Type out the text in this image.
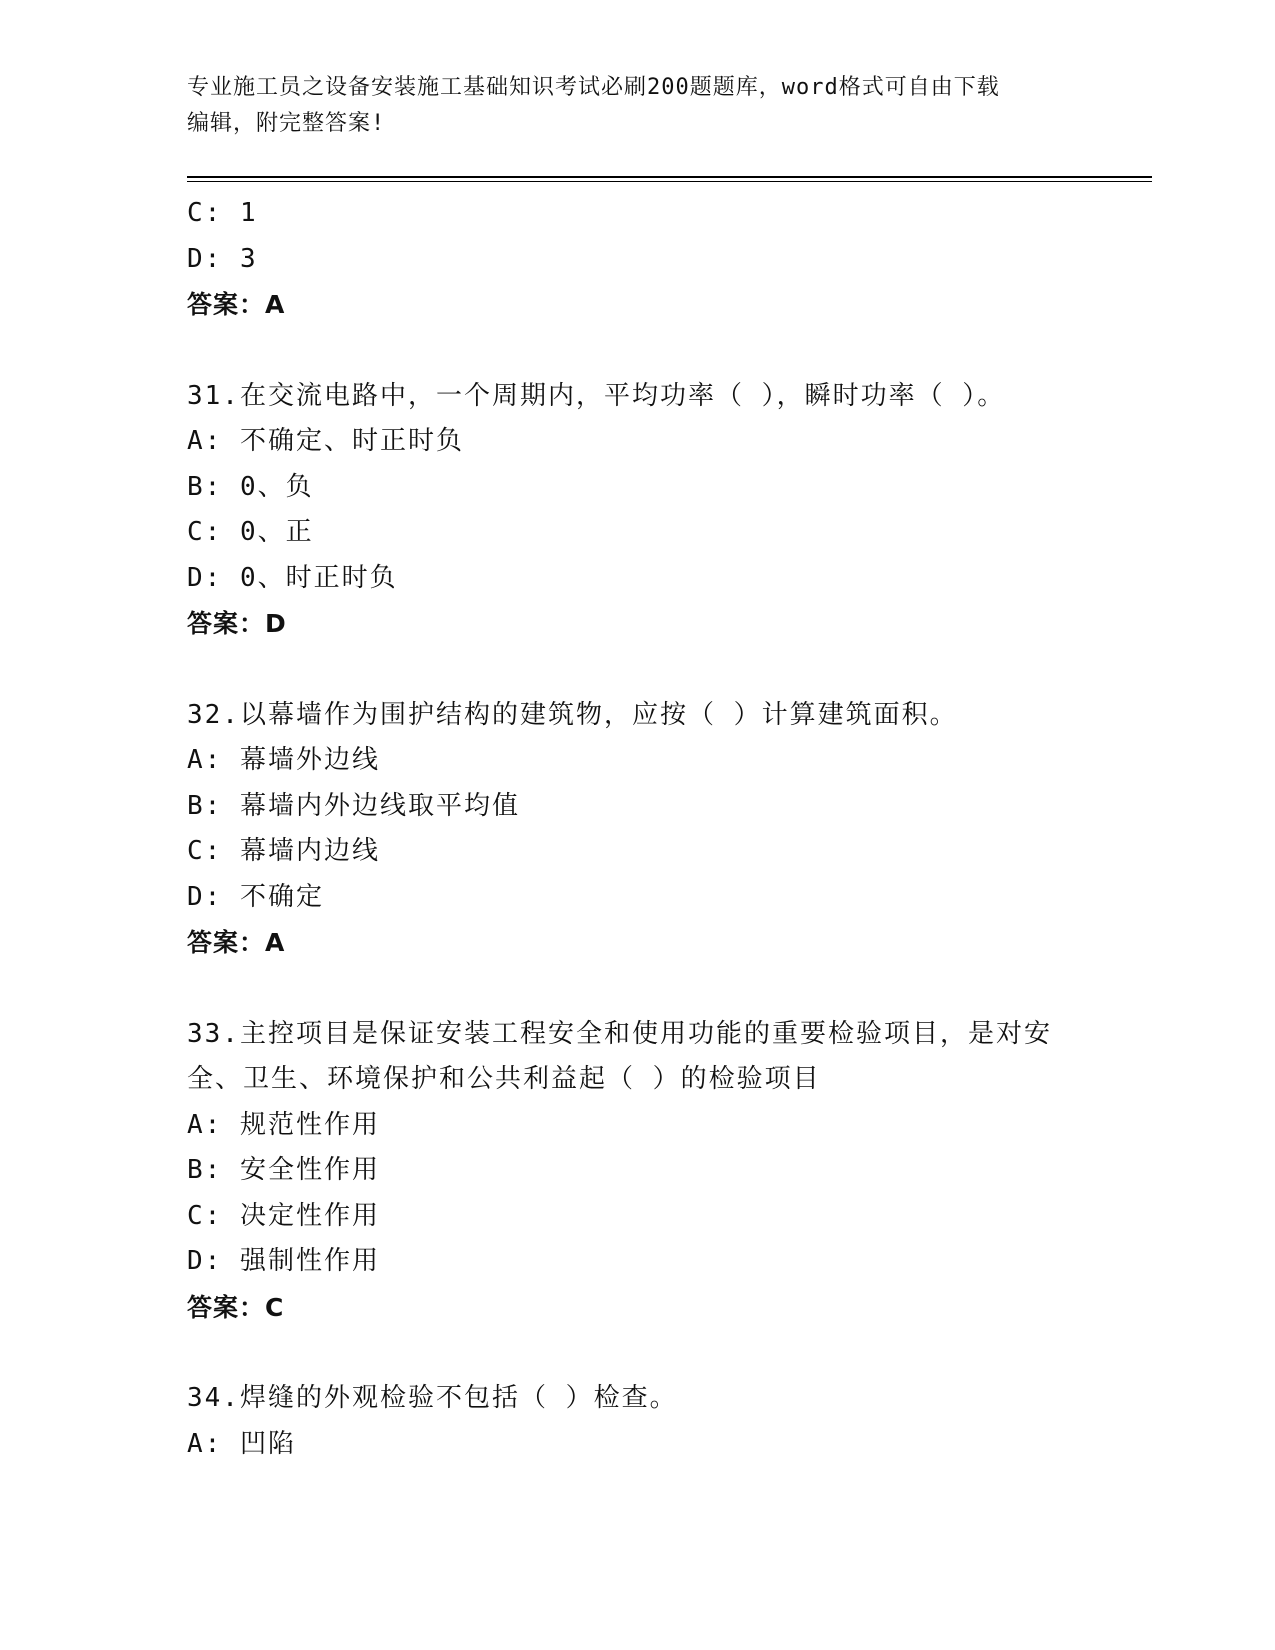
专业施工员之设备安装施工基础知识考试必刷200题题库，word格式可自由下载
编辑，附完整答案!
C: 1
D: 3
答案：A
31.在交流电路中，一个周期内，平均功率（ ），瞬时功率（ ）。
A: 不确定、时正时负
B: 0、负
C: 0、正
D: 0、时正时负
答案：D
32.以幕墙作为围护结构的建筑物，应按（ ）计算建筑面积。
A: 幕墙外边线
B: 幕墙内外边线取平均值
C: 幕墙内边线
D: 不确定
答案：A
33.主控项目是保证安装工程安全和使用功能的重要检验项目，是对安
全、卫生、环境保护和公共利益起（ ）的检验项目
A: 规范性作用
B: 安全性作用
C: 决定性作用
D: 强制性作用
答案：C
34.焊缝的外观检验不包括（ ）检查。
A: 凹陷
